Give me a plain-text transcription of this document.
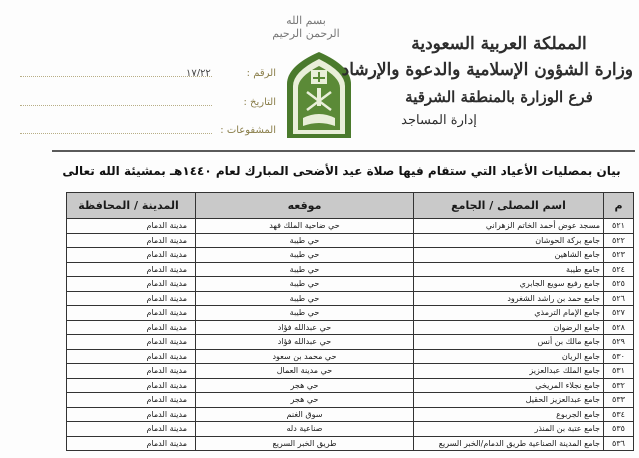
بسم الله الرحمن الرحيم
المملكة العربية السعودية
وزارة الشؤون الإسلامية والدعوة والإرشاد
فرع الوزارة بالمنطقة الشرقية
إدارة المساجد
الرقم : ١٧/٢٢
التاريخ :
المشفوعات :
بيان بمصليات الأعياد التي ستقام فيها صلاة عيد الأضحى المبارك لعام ١٤٤٠هـ بمشيئة الله تعالى
م	اسم المصلى / الجامع	موقعه	المدينة / المحافظة
٥٢١	مسجد عوض أحمد الخاتم الزهراني	حي ضاحية الملك فهد	مدينة الدمام
٥٢٢	جامع بركة الحوشان	حي طيبة	مدينة الدمام
٥٢٣	جامع الشاهين	حي طيبة	مدينة الدمام
٥٢٤	جامع طيبة	حي طيبة	مدينة الدمام
٥٢٥	جامع رفيع سويع الجابري	حي طيبة	مدينة الدمام
٥٢٦	جامع حمد بن راشد الشغرود	حي طيبة	مدينة الدمام
٥٢٧	جامع الإمام الترمذي	حي طيبة	مدينة الدمام
٥٢٨	جامع الرضوان	حي عبدالله فؤاد	مدينة الدمام
٥٢٩	جامع مالك بن أنس	حي عبدالله فؤاد	مدينة الدمام
٥٣٠	جامع الريان	حي محمد بن سعود	مدينة الدمام
٥٣١	جامع الملك عبدالعزيز	حي مدينة العمال	مدينة الدمام
٥٣٢	جامع نجلاء المريخي	حي هجر	مدينة الدمام
٥٣٣	جامع عبدالعزيز الحقيل	حي هجر	مدينة الدمام
٥٣٤	جامع الجربوع	سوق الغنم	مدينة الدمام
٥٣٥	جامع عتبة بن المنذر	صناعية دله	مدينة الدمام
٥٣٦	جامع المدينة الصناعية طريق الدمام/الخبر السريع	طريق الخبر السريع	مدينة الدمام
